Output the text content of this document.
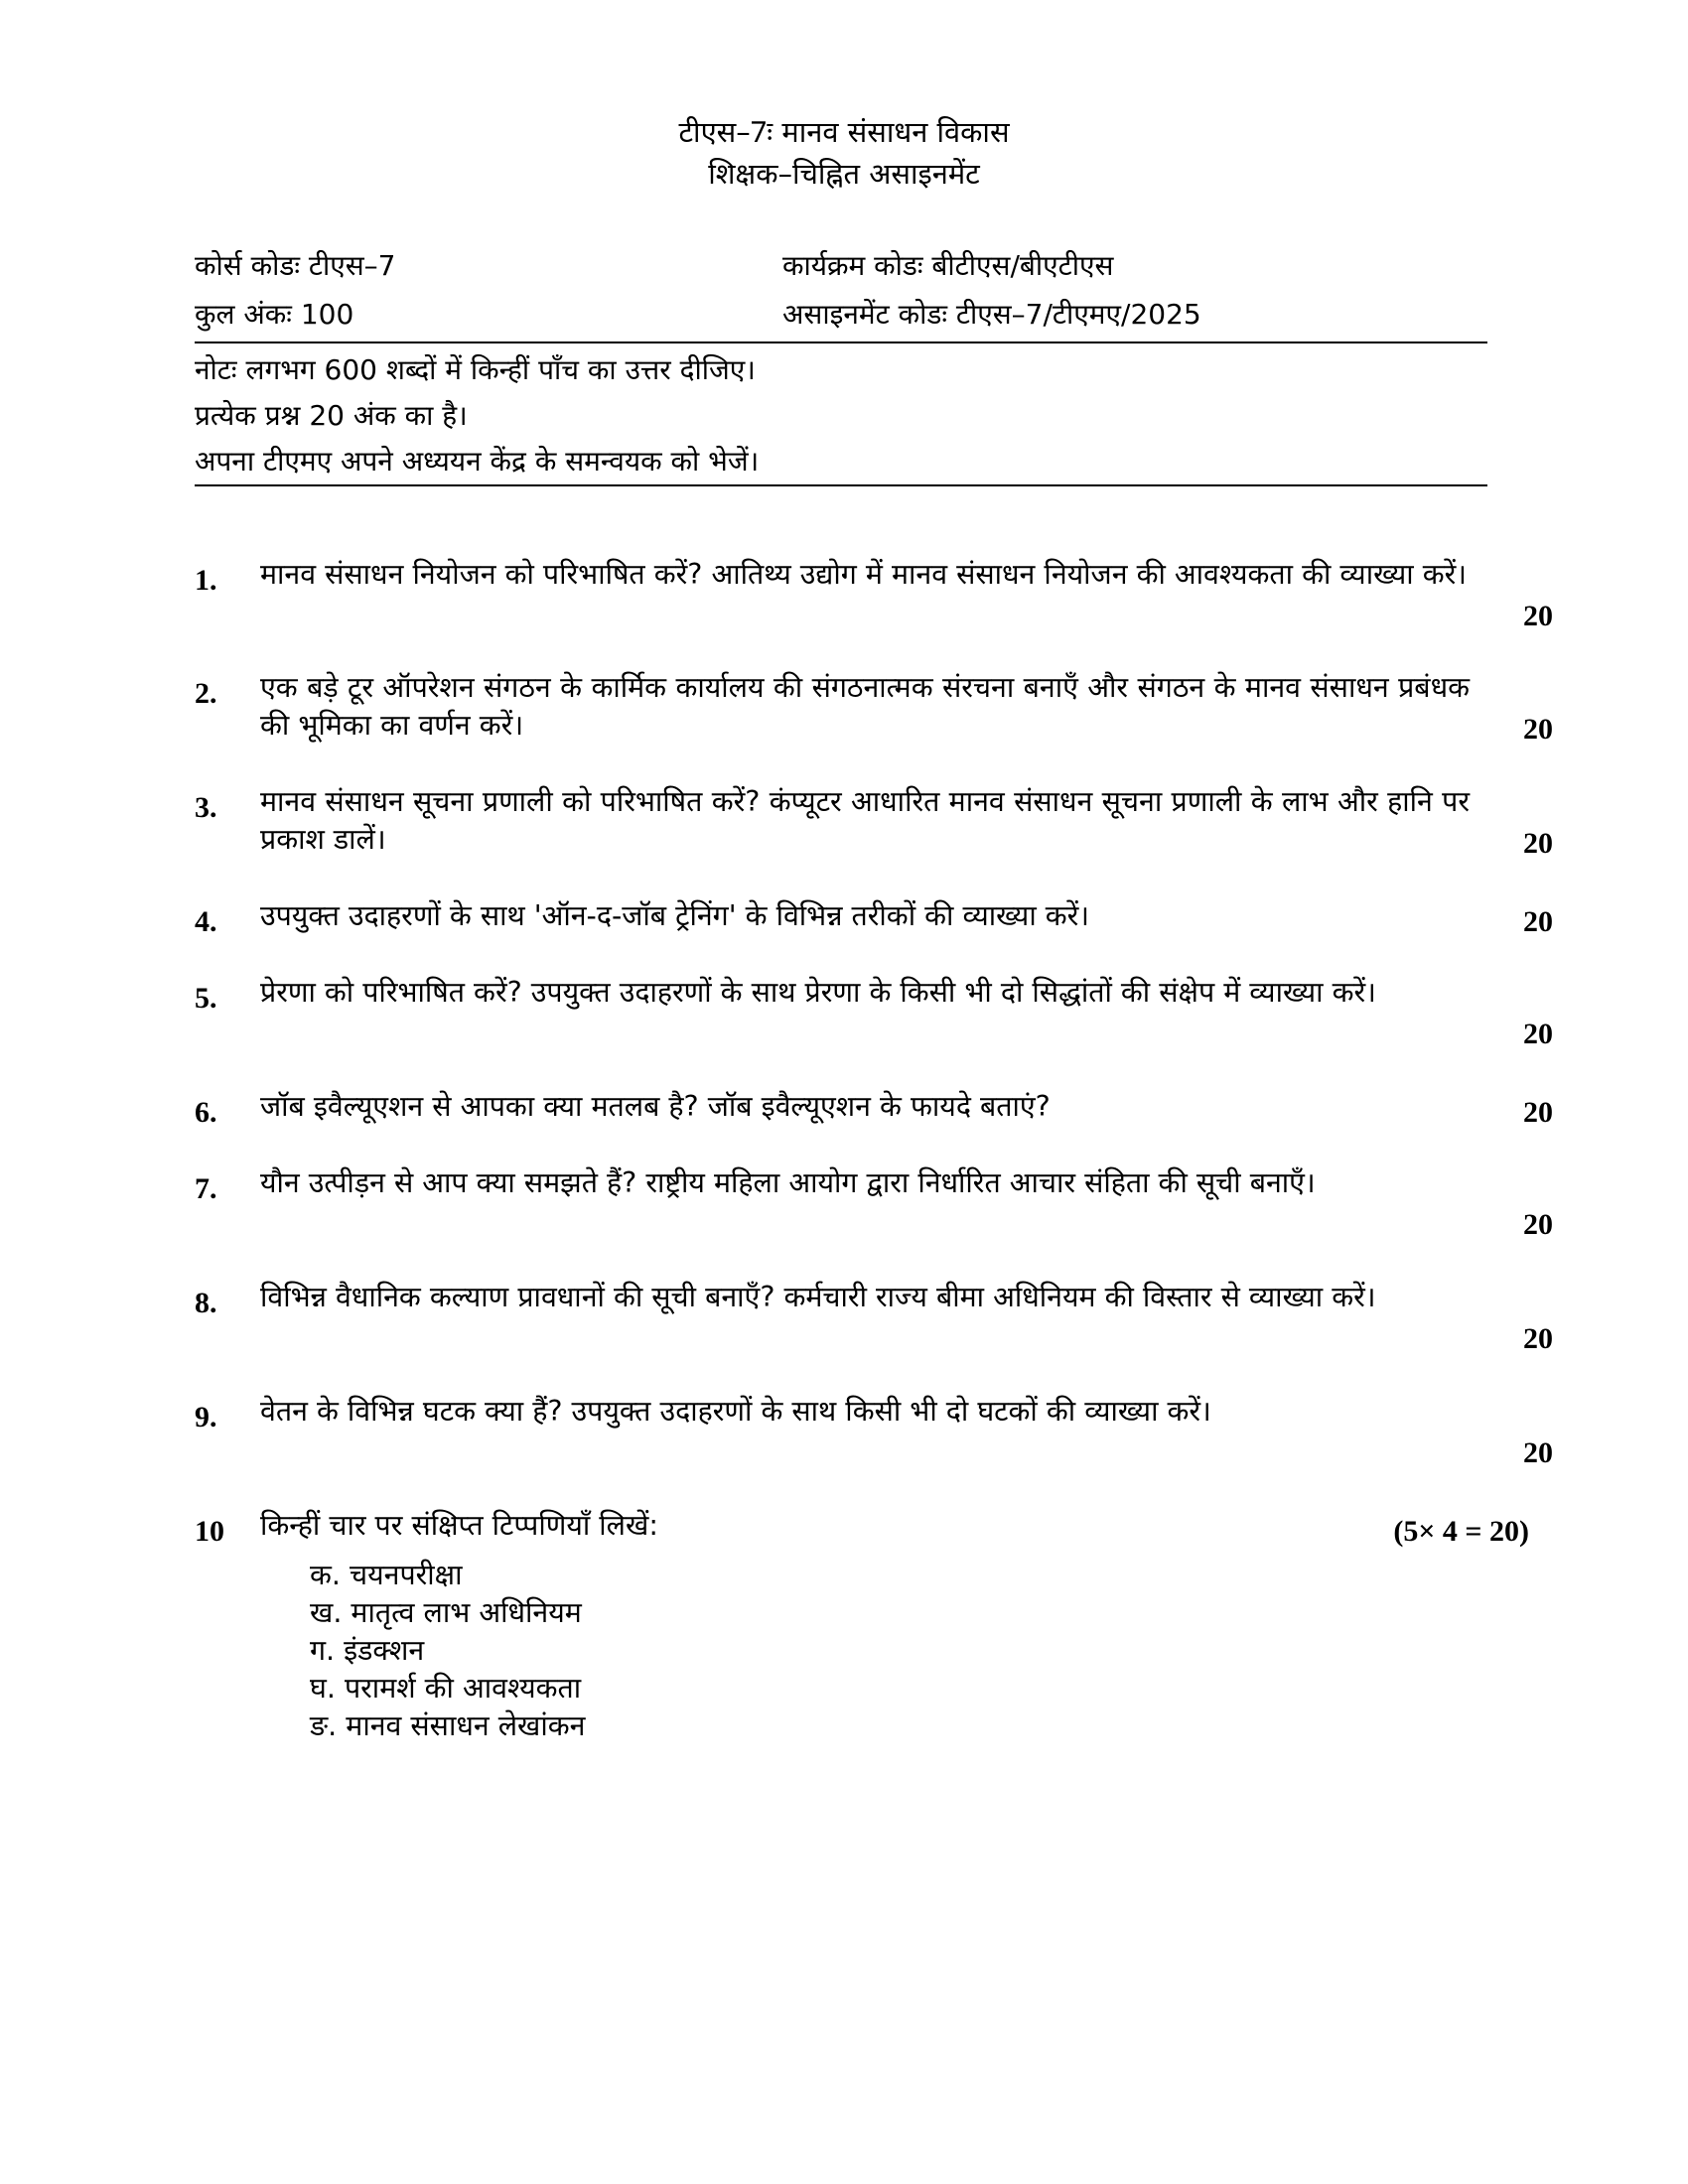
टीएस–7ः मानव संसाधन विकास
शिक्षक–चिह्नित असाइनमेंट
कोर्स कोडः टीएस–7	कार्यक्रम कोडः बीटीएस/बीएटीएस
कुल अंकः 100	असाइनमेंट कोडः टीएस–7/टीएमए/2025
नोटः लगभग 600 शब्दों में किन्हीं पाँच का उत्तर दीजिए।
प्रत्येक प्रश्न 20 अंक का है।
अपना टीएमए अपने अध्ययन केंद्र के समन्वयक को भेजें।
1. मानव संसाधन नियोजन को परिभाषित करें? आतिथ्य उद्योग में मानव संसाधन नियोजन की आवश्यकता की व्याख्या करें।
20
2. एक बड़े टूर ऑपरेशन संगठन के कार्मिक कार्यालय की संगठनात्मक संरचना बनाएँ और संगठन के मानव संसाधन प्रबंधक की भूमिका का वर्णन करें।	20
3. मानव संसाधन सूचना प्रणाली को परिभाषित करें? कंप्यूटर आधारित मानव संसाधन सूचना प्रणाली के लाभ और हानि पर प्रकाश डालें।	20
4. उपयुक्त उदाहरणों के साथ 'ऑन-द-जॉब ट्रेनिंग' के विभिन्न तरीकों की व्याख्या करें।	20
5. प्रेरणा को परिभाषित करें? उपयुक्त उदाहरणों के साथ प्रेरणा के किसी भी दो सिद्धांतों की संक्षेप में व्याख्या करें।
20
6. जॉब इवैल्यूएशन से आपका क्या मतलब है? जॉब इवैल्यूएशन के फायदे बताएं?	20
7. यौन उत्पीड़न से आप क्या समझते हैं? राष्ट्रीय महिला आयोग द्वारा निर्धारित आचार संहिता की सूची बनाएँ।
20
8. विभिन्न वैधानिक कल्याण प्रावधानों की सूची बनाएँ? कर्मचारी राज्य बीमा अधिनियम की विस्तार से व्याख्या करें।
20
9. वेतन के विभिन्न घटक क्या हैं? उपयुक्त उदाहरणों के साथ किसी भी दो घटकों की व्याख्या करें।
20
10 किन्हीं चार पर संक्षिप्त टिप्पणियाँ लिखें:	(5× 4 = 20)
क. चयनपरीक्षा
ख. मातृत्व लाभ अधिनियम
ग. इंडक्शन
घ. परामर्श की आवश्यकता
ङ. मानव संसाधन लेखांकन
